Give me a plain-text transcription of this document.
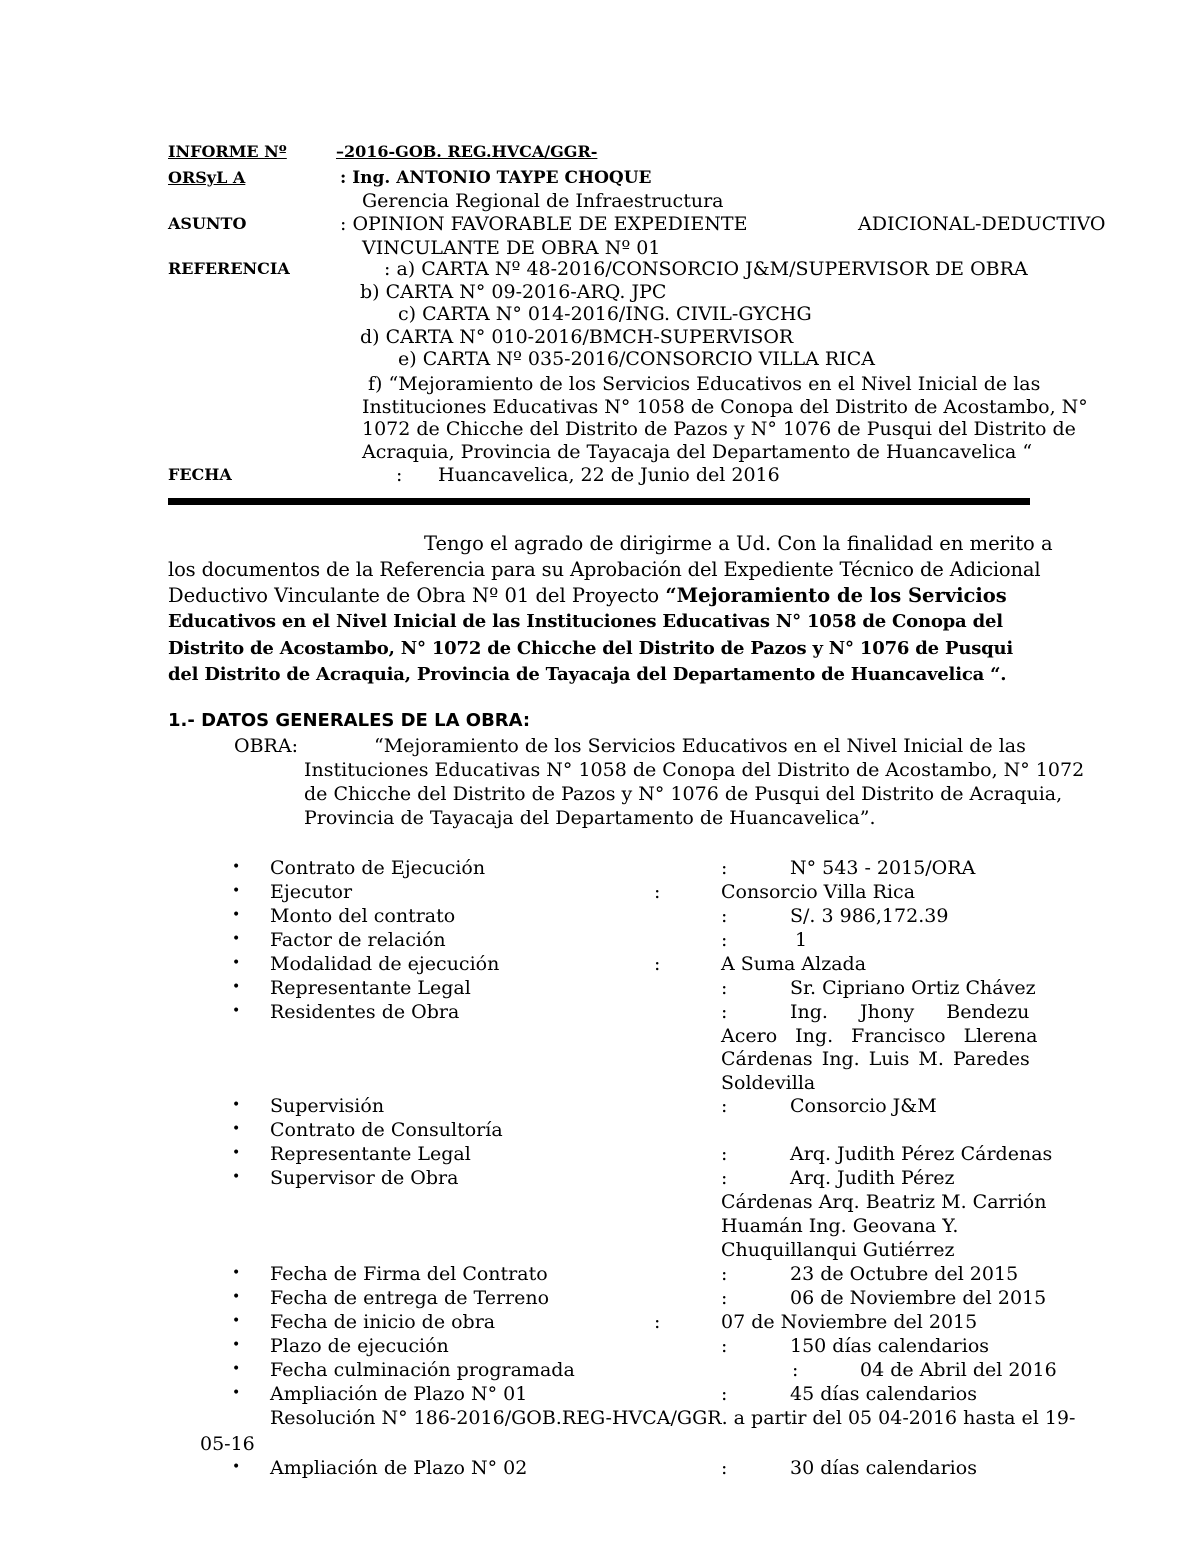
INFORME Nº	–2016-GOB. REG.HVCA/GGR-
ORSyL A	: Ing. ANTONIO TAYPE CHOQUE
Gerencia Regional de Infraestructura
ASUNTO	: OPINION FAVORABLE DE EXPEDIENTE	ADICIONAL-DEDUCTIVO
VINCULANTE DE OBRA Nº 01
REFERENCIA	: a) CARTA Nº 48-2016/CONSORCIO J&M/SUPERVISOR DE OBRA
b) CARTA N° 09-2016-ARQ. JPC
c) CARTA N° 014-2016/ING. CIVIL-GYCHG
d) CARTA N° 010-2016/BMCH-SUPERVISOR
e) CARTA Nº 035-2016/CONSORCIO VILLA RICA
f) “Mejoramiento de los Servicios Educativos en el Nivel Inicial de las
Instituciones Educativas N° 1058 de Conopa del Distrito de Acostambo, N°
1072 de Chicche del Distrito de Pazos y N° 1076 de Pusqui del Distrito de
Acraquia, Provincia de Tayacaja del Departamento de Huancavelica “
FECHA	: Huancavelica, 22 de Junio del 2016
Tengo el agrado de dirigirme a Ud. Con la finalidad en merito a
los documentos de la Referencia para su Aprobación del Expediente Técnico de Adicional
Deductivo Vinculante de Obra Nº 01 del Proyecto “Mejoramiento de los Servicios
Educativos en el Nivel Inicial de las Instituciones Educativas N° 1058 de Conopa del
Distrito de Acostambo, N° 1072 de Chicche del Distrito de Pazos y N° 1076 de Pusqui
del Distrito de Acraquia, Provincia de Tayacaja del Departamento de Huancavelica “.
1.- DATOS GENERALES DE LA OBRA:
OBRA:	“Mejoramiento de los Servicios Educativos en el Nivel Inicial de las
Instituciones Educativas N° 1058 de Conopa del Distrito de Acostambo, N° 1072
de Chicche del Distrito de Pazos y N° 1076 de Pusqui del Distrito de Acraquia,
Provincia de Tayacaja del Departamento de Huancavelica”.
• Contrato de Ejecución	:	N° 543 - 2015/ORA
• Ejecutor	:	Consorcio Villa Rica
• Monto del contrato	:	S/. 3 986,172.39
• Factor de relación	:	1
• Modalidad de ejecución	:	A Suma Alzada
• Representante Legal	:	Sr. Cipriano Ortiz Chávez
• Residentes de Obra	:	Ing. Jhony Bendezu
Acero Ing. Francisco Llerena
Cárdenas Ing. Luis M. Paredes
Soldevilla
• Supervisión	:	Consorcio J&M
• Contrato de Consultoría
• Representante Legal	:	Arq. Judith Pérez Cárdenas
• Supervisor de Obra	:	Arq. Judith Pérez
Cárdenas Arq. Beatriz M. Carrión
Huamán Ing. Geovana Y.
Chuquillanqui Gutiérrez
• Fecha de Firma del Contrato	:	23 de Octubre del 2015
• Fecha de entrega de Terreno	:	06 de Noviembre del 2015
• Fecha de inicio de obra	:	07 de Noviembre del 2015
• Plazo de ejecución	:	150 días calendarios
• Fecha culminación programada	:	04 de Abril del 2016
• Ampliación de Plazo N° 01	:	45 días calendarios
Resolución N° 186-2016/GOB.REG-HVCA/GGR. a partir del 05 04-2016 hasta el 19-
05-16
• Ampliación de Plazo N° 02	:	30 días calendarios
